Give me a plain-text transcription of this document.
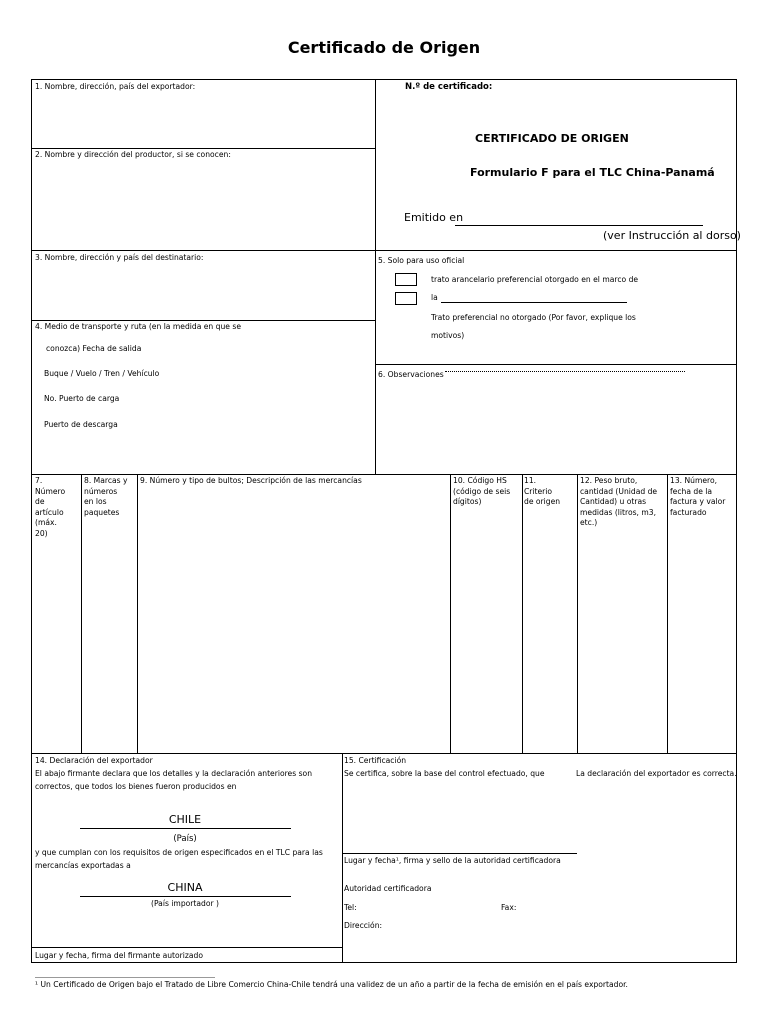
Certificado de Origen
1. Nombre, dirección, país del exportador:	N.º de certificado:
CERTIFICADO DE ORIGEN
Formulario F para el TLC China-Panamá
Emitido en
(ver Instrucción al dorso)
2. Nombre y dirección del productor, si se conocen:
3. Nombre, dirección y país del destinatario:
4. Medio de transporte y ruta (en la medida en que se
conozca) Fecha de salida
Buque / Vuelo / Tren / Vehículo
No. Puerto de carga
Puerto de descarga
5. Solo para uso oficial
trato arancelario preferencial otorgado en el marco de
la
Trato preferencial no otorgado (Por favor, explique los
motivos)
6. Observaciones
7.
Número
de
artículo
(máx.
20)
8. Marcas y
números
en los
paquetes
9. Número y tipo de bultos; Descripción de las mercancías	10. Código HS
(código de seis
dígitos)
11.
Criterio
de origen
12. Peso bruto,
cantidad (Unidad de
Cantidad) u otras
medidas (litros, m3,
etc.)
13. Número,
fecha de la
factura y valor
facturado
14. Declaración del exportador
El abajo firmante declara que los detalles y la declaración anteriores son
correctos, que todos los bienes fueron producidos en
CHILE
(País)
y que cumplan con los requisitos de origen especificados en el TLC para las
mercancías exportadas a
CHINA
(País importador )
Lugar y fecha, firma del firmante autorizado
15. Certificación
Se certifica, sobre la base del control efectuado, que	La declaración del exportador es correcta.
Lugar y fecha¹, firma y sello de la autoridad certificadora
Autoridad certificadora
Tel:	Fax:
Dirección:
¹ Un Certificado de Origen bajo el Tratado de Libre Comercio China-Chile tendrá una validez de un año a partir de la fecha de emisión en el país exportador.
